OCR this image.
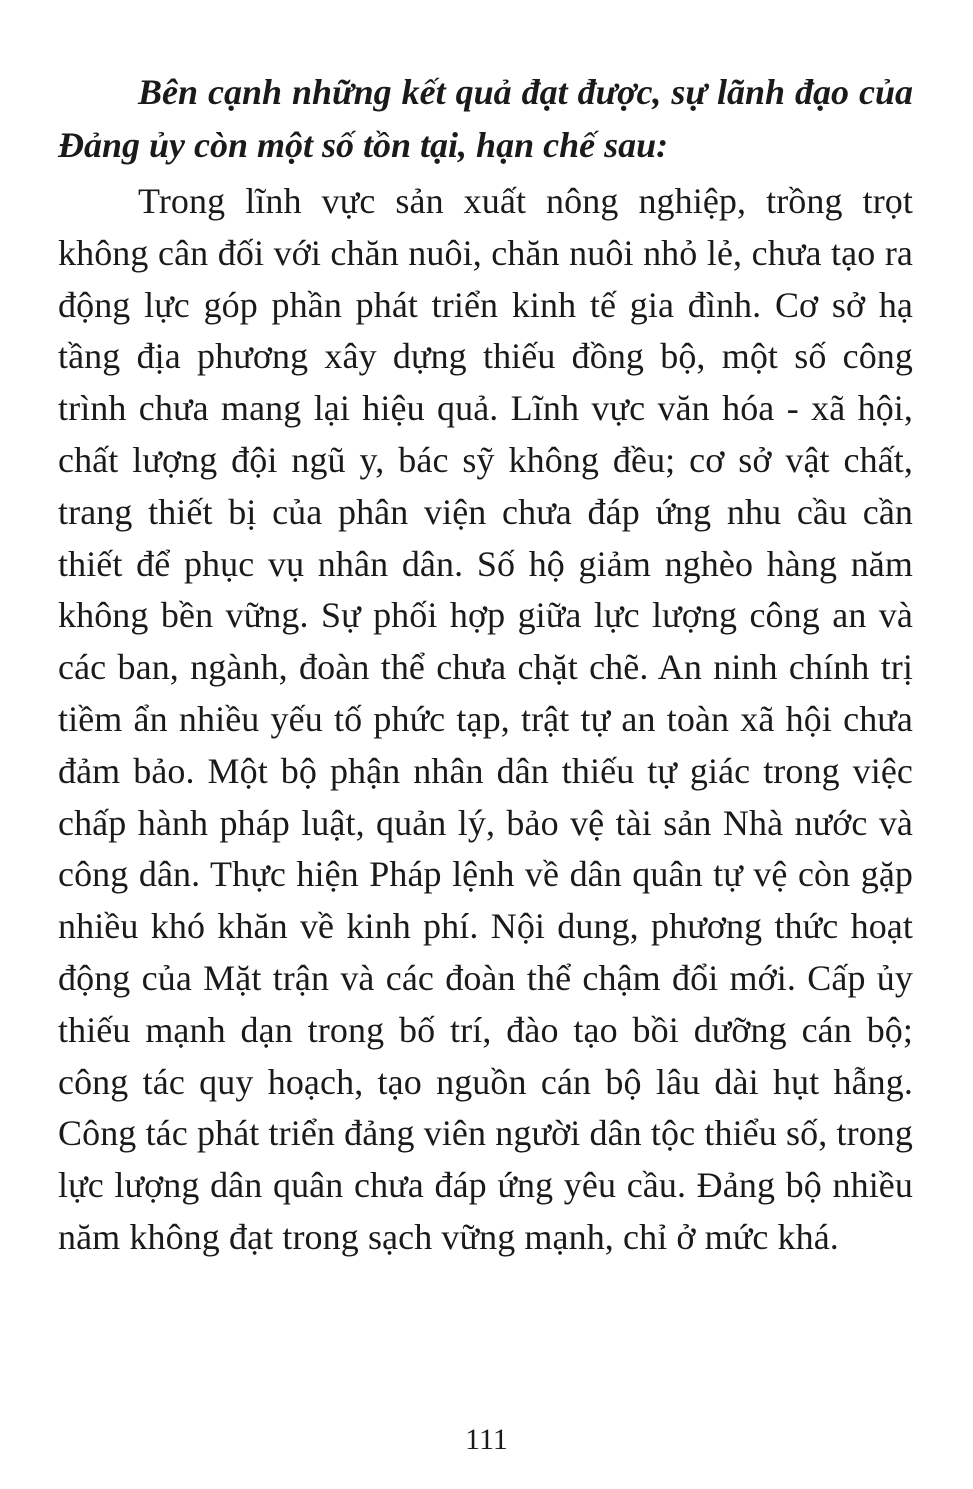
Bên cạnh những kết quả đạt được, sự lãnh đạo của Đảng ủy còn một số tồn tại, hạn chế sau:

Trong lĩnh vực sản xuất nông nghiệp, trồng trọt không cân đối với chăn nuôi, chăn nuôi nhỏ lẻ, chưa tạo ra động lực góp phần phát triển kinh tế gia đình. Cơ sở hạ tầng địa phương xây dựng thiếu đồng bộ, một số công trình chưa mang lại hiệu quả. Lĩnh vực văn hóa - xã hội, chất lượng đội ngũ y, bác sỹ không đều; cơ sở vật chất, trang thiết bị của phân viện chưa đáp ứng nhu cầu cần thiết để phục vụ nhân dân. Số hộ giảm nghèo hàng năm không bền vững. Sự phối hợp giữa lực lượng công an và các ban, ngành, đoàn thể chưa chặt chẽ. An ninh chính trị tiềm ẩn nhiều yếu tố phức tạp, trật tự an toàn xã hội chưa đảm bảo. Một bộ phận nhân dân thiếu tự giác trong việc chấp hành pháp luật, quản lý, bảo vệ tài sản Nhà nước và công dân. Thực hiện Pháp lệnh về dân quân tự vệ còn gặp nhiều khó khăn về kinh phí. Nội dung, phương thức hoạt động của Mặt trận và các đoàn thể chậm đổi mới. Cấp ủy thiếu mạnh dạn trong bố trí, đào tạo bồi dưỡng cán bộ; công tác quy hoạch, tạo nguồn cán bộ lâu dài hụt hẫng. Công tác phát triển đảng viên người dân tộc thiểu số, trong lực lượng dân quân chưa đáp ứng yêu cầu. Đảng bộ nhiều năm không đạt trong sạch vững mạnh, chỉ ở mức khá.

111
